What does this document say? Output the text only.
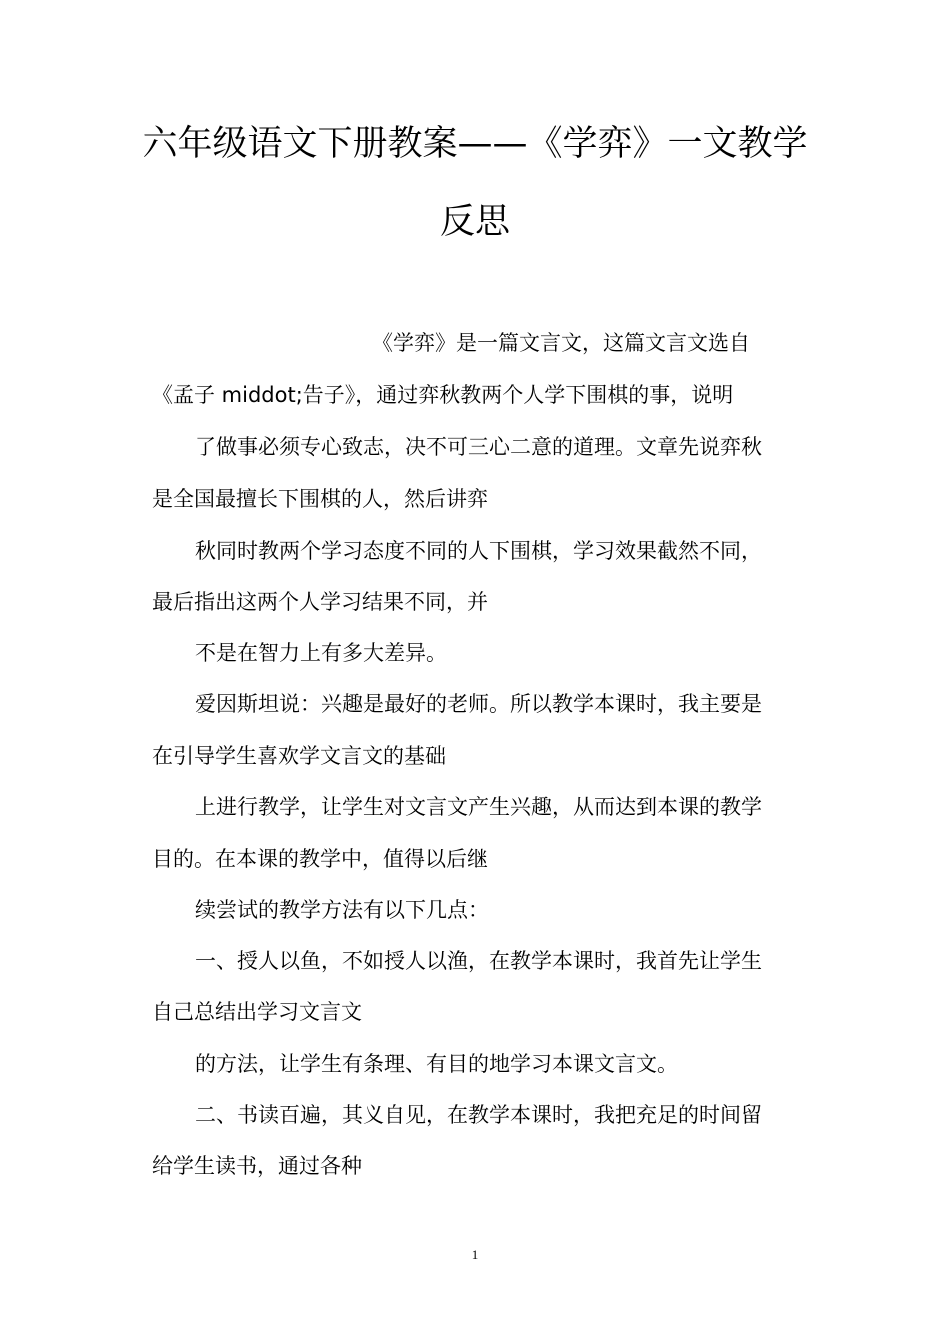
六年级语文下册教案——《学弈》一文教学
反思
《学弈》是一篇文言文，这篇文言文选自
《孟子 middot;告子》，通过弈秋教两个人学下围棋的事，说明
了做事必须专心致志，决不可三心二意的道理。文章先说弈秋
是全国最擅长下围棋的人，然后讲弈
秋同时教两个学习态度不同的人下围棋，学习效果截然不同，
最后指出这两个人学习结果不同，并
不是在智力上有多大差异。
爱因斯坦说：兴趣是最好的老师。所以教学本课时，我主要是
在引导学生喜欢学文言文的基础
上进行教学，让学生对文言文产生兴趣，从而达到本课的教学
目的。在本课的教学中，值得以后继
续尝试的教学方法有以下几点：
一、授人以鱼，不如授人以渔，在教学本课时，我首先让学生
自己总结出学习文言文
的方法，让学生有条理、有目的地学习本课文言文。
二、书读百遍，其义自见，在教学本课时，我把充足的时间留
给学生读书，通过各种
1
